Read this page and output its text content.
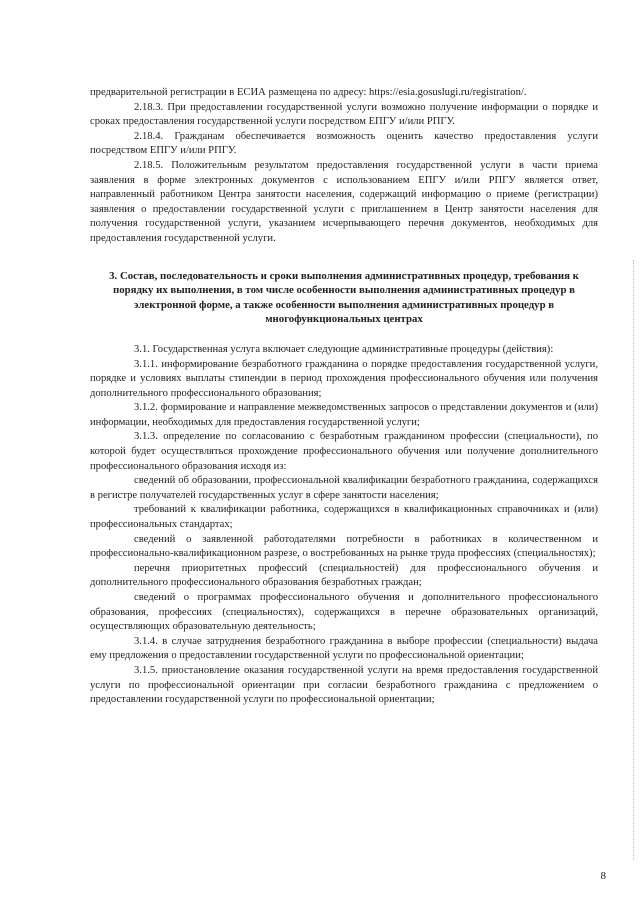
предварительной регистрации в ЕСИА размещена по адресу: https://esia.gosuslugi.ru/registration/.

2.18.3. При предоставлении государственной услуги возможно получение информации о порядке и сроках предоставления государственной услуги посредством ЕПГУ и/или РПГУ.

2.18.4. Гражданам обеспечивается возможность оценить качество предоставления услуги посредством ЕПГУ и/или РПГУ.

2.18.5. Положительным результатом предоставления государственной услуги в части приема заявления в форме электронных документов с использованием ЕПГУ и/или РПГУ является ответ, направленный работником Центра занятости населения, содержащий информацию о приеме (регистрации) заявления о предоставлении государственной услуги с приглашением в Центр занятости населения для получения государственной услуги, указанием исчерпывающего перечня документов, необходимых для предоставления государственной услуги.

3. Состав, последовательность и сроки выполнения административных процедур, требования к порядку их выполнения, в том числе особенности выполнения административных процедур в электронной форме, а также особенности выполнения административных процедур в многофункциональных центрах

3.1. Государственная услуга включает следующие административные процедуры (действия):

3.1.1. информирование безработного гражданина о порядке предоставления государственной услуги, порядке и условиях выплаты стипендии в период прохождения профессионального обучения или получения дополнительного профессионального образования;

3.1.2. формирование и направление межведомственных запросов о представлении документов и (или) информации, необходимых для предоставления государственной услуги;

3.1.3. определение по согласованию с безработным гражданином профессии (специальности), по которой будет осуществляться прохождение профессионального обучения или получение дополнительного профессионального образования исходя из:

сведений об образовании, профессиональной квалификации безработного гражданина, содержащихся в регистре получателей государственных услуг в сфере занятости населения;

требований к квалификации работника, содержащихся в квалификационных справочниках и (или) профессиональных стандартах;

сведений о заявленной работодателями потребности в работниках в количественном и профессионально-квалификационном разрезе, о востребованных на рынке труда профессиях (специальностях);

перечня приоритетных профессий (специальностей) для профессионального обучения и дополнительного профессионального образования безработных граждан;

сведений о программах профессионального обучения и дополнительного профессионального образования, профессиях (специальностях), содержащихся в перечне образовательных организаций, осуществляющих образовательную деятельность;

3.1.4. в случае затруднения безработного гражданина в выборе профессии (специальности) выдача ему предложения о предоставлении государственной услуги по профессиональной ориентации;

3.1.5. приостановление оказания государственной услуги на время предоставления государственной услуги по профессиональной ориентации при согласии безработного гражданина с предложением о предоставлении государственной услуги по профессиональной ориентации;

8
